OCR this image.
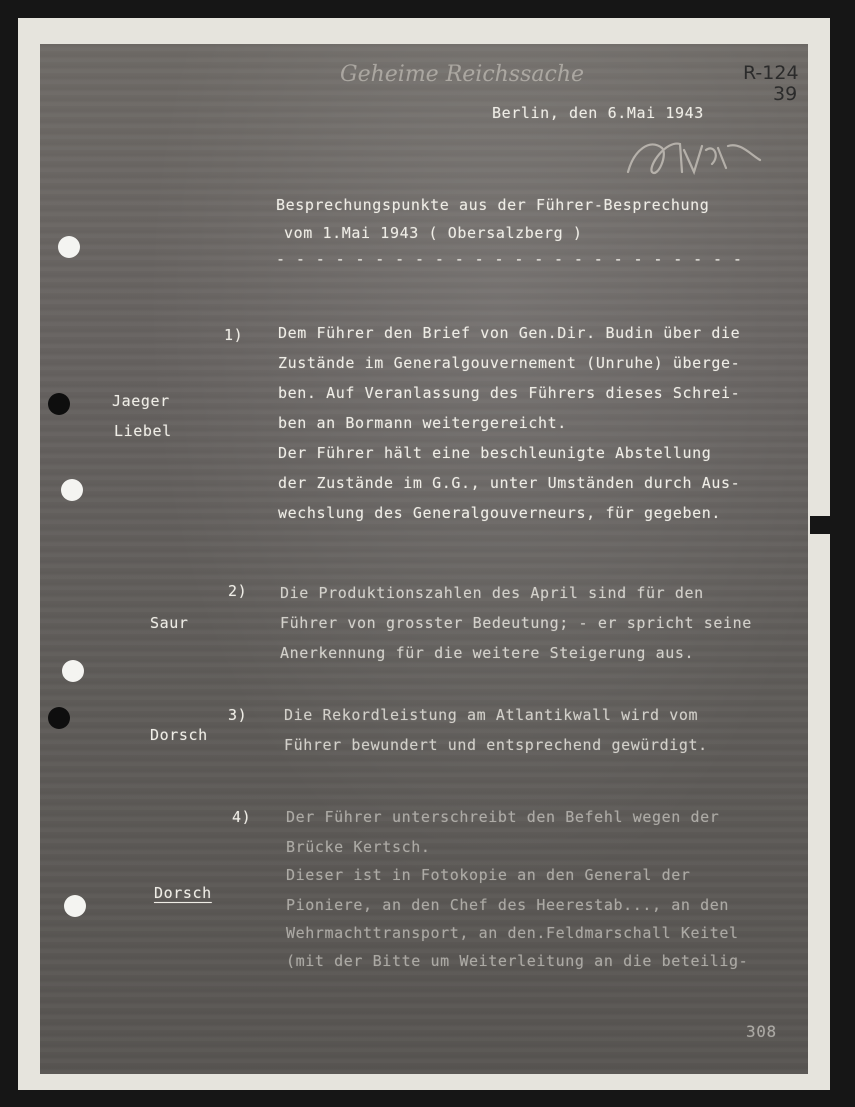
Geheime Reichssache	R-124
39

Berlin, den 6.Mai 1943

Besprechungspunkte aus der Führer-Besprechung

vom 1.Mai 1943 ( Obersalzberg )

- - - - - - - - - - - - - - - - - - - - - - - -

1)

Jaeger

Liebel

Dem Führer den Brief von Gen.Dir. Budin über die

Zustände im Generalgouvernement (Unruhe) überge-

ben. Auf Veranlassung des Führers dieses Schrei-

ben an Bormann weitergereicht.

Der Führer hält eine beschleunigte Abstellung

der Zustände im G.G., unter Umständen durch Aus-

wechslung des Generalgouverneurs, für gegeben.

2)

Saur

Die Produktionszahlen des April sind für den

Führer von grosster Bedeutung; - er spricht seine

Anerkennung für die weitere Steigerung aus.

3)

Dorsch

Die Rekordleistung am Atlantikwall wird vom

Führer bewundert und entsprechend gewürdigt.

4)

Dorsch

Der Führer unterschreibt den Befehl wegen der

Brücke Kertsch.

Dieser ist in Fotokopie an den General der

Pioniere, an den Chef des Heerestab..., an den

Wehrmachttransport, an den.Feldmarschall Keitel

(mit der Bitte um Weiterleitung an die beteilig-

308
